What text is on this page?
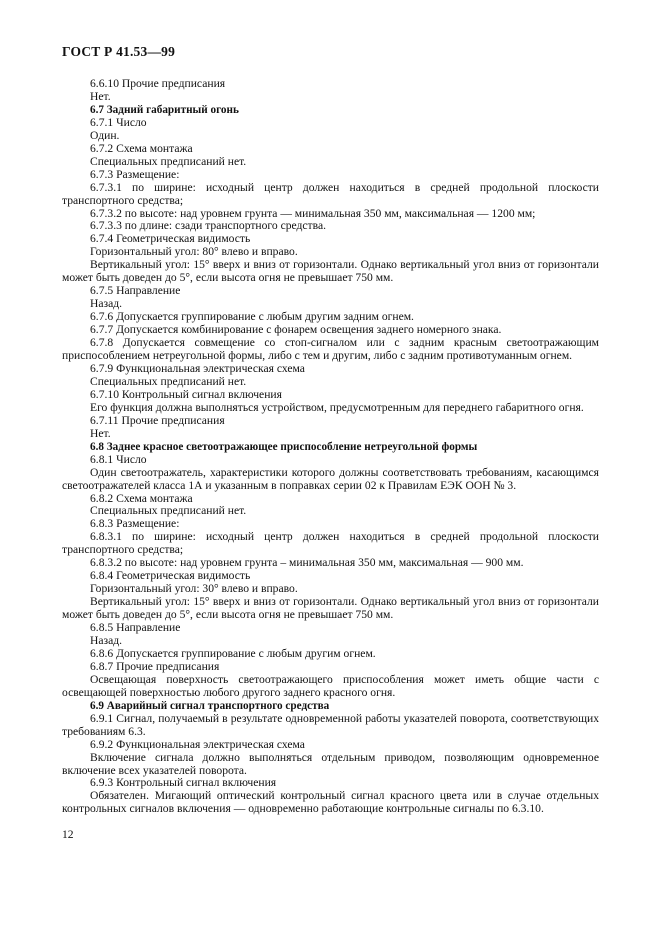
ГОСТ Р 41.53—99

6.6.10 Прочие предписания

Нет.

6.7 Задний габаритный огонь

6.7.1 Число

Один.

6.7.2 Схема монтажа

Специальных предписаний нет.

6.7.3 Размещение:

6.7.3.1 по ширине: исходный центр должен находиться в средней продольной плоскости транспортного средства;

6.7.3.2 по высоте: над уровнем грунта — минимальная 350 мм, максимальная — 1200 мм;

6.7.3.3 по длине: сзади транспортного средства.

6.7.4 Геометрическая видимость

Горизонтальный угол: 80° влево и вправо.

Вертикальный угол: 15° вверх и вниз от горизонтали. Однако вертикальный угол вниз от горизонтали может быть доведен до 5°, если высота огня не превышает 750 мм.

6.7.5 Направление

Назад.

6.7.6 Допускается группирование с любым другим задним огнем.

6.7.7 Допускается комбинирование с фонарем освещения заднего номерного знака.

6.7.8 Допускается совмещение со стоп-сигналом или с задним красным светоотражающим приспособлением нетреугольной формы, либо с тем и другим, либо с задним противотуманным огнем.

6.7.9 Функциональная электрическая схема

Специальных предписаний нет.

6.7.10 Контрольный сигнал включения

Его функция должна выполняться устройством, предусмотренным для переднего габаритного огня.

6.7.11 Прочие предписания

Нет.

6.8 Заднее красное светоотражающее приспособление нетреугольной формы

6.8.1 Число

Один светоотражатель, характеристики которого должны соответствовать требованиям, касающимся светоотражателей класса 1А и указанным в поправках серии 02 к Правилам ЕЭК ООН № 3.

6.8.2 Схема монтажа

Специальных предписаний нет.

6.8.3 Размещение:

6.8.3.1 по ширине: исходный центр должен находиться в средней продольной плоскости транспортного средства;

6.8.3.2 по высоте: над уровнем грунта – минимальная 350 мм, максимальная — 900 мм.

6.8.4 Геометрическая видимость

Горизонтальный угол: 30° влево и вправо.

Вертикальный угол: 15° вверх и вниз от горизонтали. Однако вертикальный угол вниз от горизонтали может быть доведен до 5°, если высота огня не превышает 750 мм.

6.8.5 Направление

Назад.

6.8.6 Допускается группирование с любым другим огнем.

6.8.7 Прочие предписания

Освещающая поверхность светоотражающего приспособления может иметь общие части с освещающей поверхностью любого другого заднего красного огня.

6.9 Аварийный сигнал транспортного средства

6.9.1 Сигнал, получаемый в результате одновременной работы указателей поворота, соответствующих требованиям 6.3.

6.9.2 Функциональная электрическая схема

Включение сигнала должно выполняться отдельным приводом, позволяющим одновременное включение всех указателей поворота.

6.9.3 Контрольный сигнал включения

Обязателен. Мигающий оптический контрольный сигнал красного цвета или в случае отдельных контрольных сигналов включения — одновременно работающие контрольные сигналы по 6.3.10.

12
